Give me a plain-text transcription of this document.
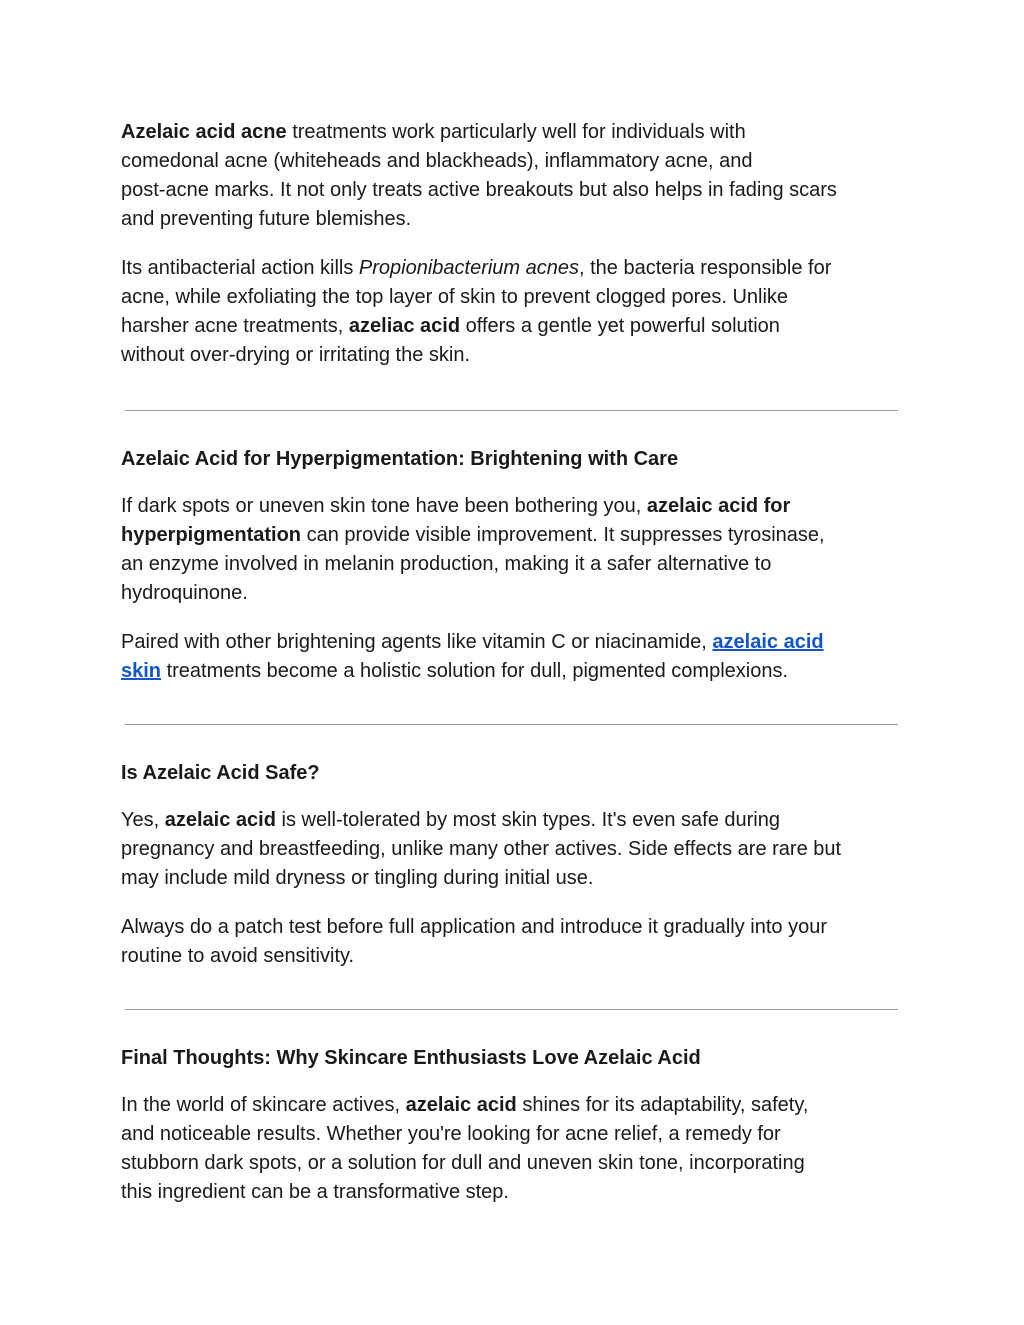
Azelaic acid acne treatments work particularly well for individuals with
comedonal acne (whiteheads and blackheads), inflammatory acne, and
post-acne marks. It not only treats active breakouts but also helps in fading scars
and preventing future blemishes.

Its antibacterial action kills Propionibacterium acnes, the bacteria responsible for
acne, while exfoliating the top layer of skin to prevent clogged pores. Unlike
harsher acne treatments, azeliac acid offers a gentle yet powerful solution
without over-drying or irritating the skin.

Azelaic Acid for Hyperpigmentation: Brightening with Care

If dark spots or uneven skin tone have been bothering you, azelaic acid for
hyperpigmentation can provide visible improvement. It suppresses tyrosinase,
an enzyme involved in melanin production, making it a safer alternative to
hydroquinone.

Paired with other brightening agents like vitamin C or niacinamide, azelaic acid
skin treatments become a holistic solution for dull, pigmented complexions.

Is Azelaic Acid Safe?

Yes, azelaic acid is well-tolerated by most skin types. It's even safe during
pregnancy and breastfeeding, unlike many other actives. Side effects are rare but
may include mild dryness or tingling during initial use.

Always do a patch test before full application and introduce it gradually into your
routine to avoid sensitivity.

Final Thoughts: Why Skincare Enthusiasts Love Azelaic Acid

In the world of skincare actives, azelaic acid shines for its adaptability, safety,
and noticeable results. Whether you're looking for acne relief, a remedy for
stubborn dark spots, or a solution for dull and uneven skin tone, incorporating
this ingredient can be a transformative step.
